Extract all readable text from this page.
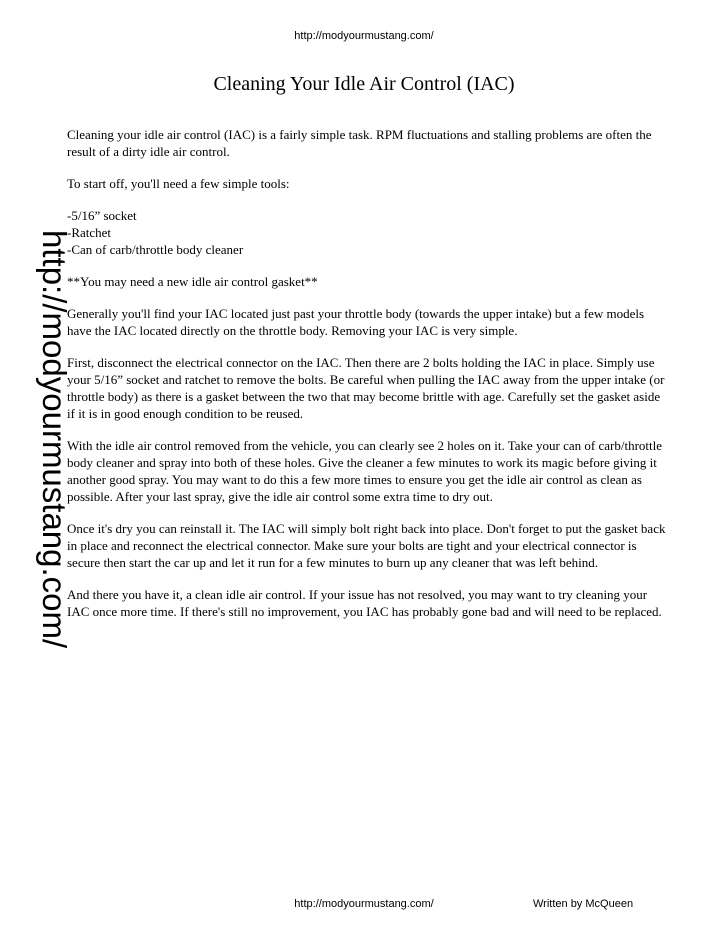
http://modyourmustang.com/
Cleaning Your Idle Air Control (IAC)
http://modyourmustang.com/

Cleaning your idle air control (IAC) is a fairly simple task. RPM fluctuations and stalling problems are often the result of a dirty idle air control.

To start off, you'll need a few simple tools:

-5/16” socket
-Ratchet
-Can of carb/throttle body cleaner

**You may need a new idle air control gasket**

Generally you'll find your IAC located just past your throttle body (towards the upper intake) but a few models have the IAC located directly on the throttle body. Removing your IAC is very simple.

First, disconnect the electrical connector on the IAC. Then there are 2 bolts holding the IAC in place. Simply use your 5/16” socket and ratchet to remove the bolts. Be careful when pulling the IAC away from the upper intake (or throttle body) as there is a gasket between the two that may become brittle with age. Carefully set the gasket aside if it is in good enough condition to be reused.

With the idle air control removed from the vehicle, you can clearly see 2 holes on it. Take your can of carb/throttle body cleaner and spray into both of these holes. Give the cleaner a few minutes to work its magic before giving it another good spray. You may want to do this a few more times to ensure you get the idle air control as clean as possible. After your last spray, give the idle air control some extra time to dry out.

Once it's dry you can reinstall it. The IAC will simply bolt right back into place. Don't forget to put the gasket back in place and reconnect the electrical connector. Make sure your bolts are tight and your electrical connector is secure then start the car up and let it run for a few minutes to burn up any cleaner that was left behind.

And there you have it, a clean idle air control. If your issue has not resolved, you may want to try cleaning your IAC once more time. If there's still no improvement, you IAC has probably gone bad and will need to be replaced.

http://modyourmustang.com/	Written by McQueen
